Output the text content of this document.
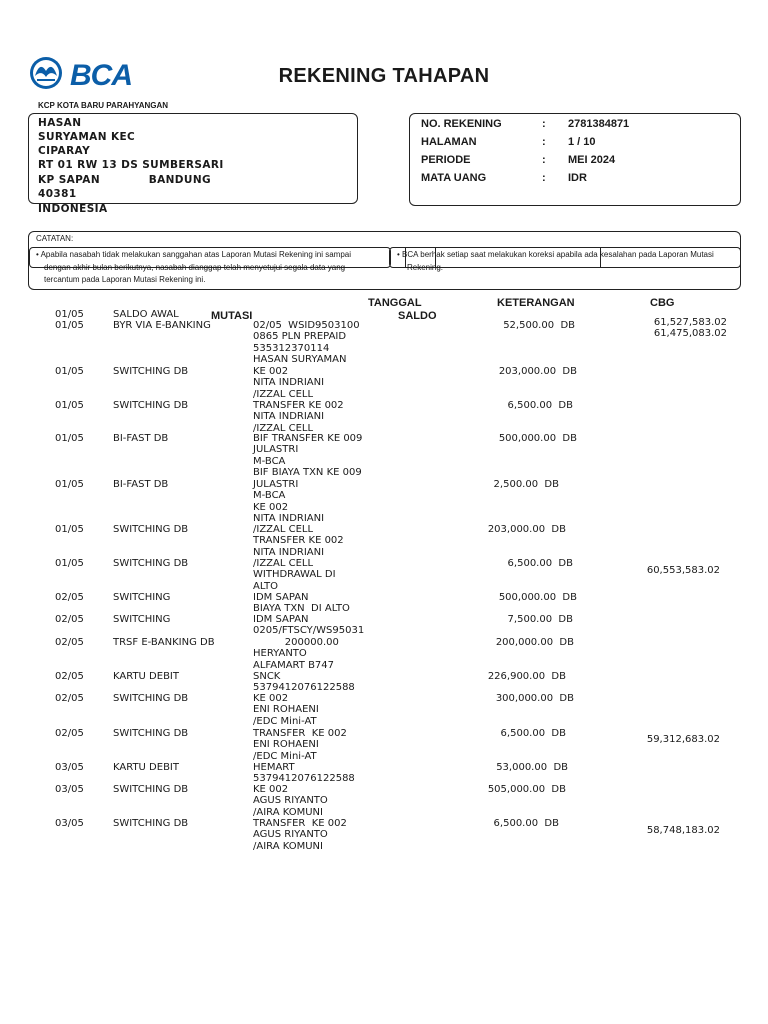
BCA	REKENING TAHAPAN
KCP KOTA BARU PARAHYANGAN
HASAN
SURYAMAN KEC
CIPARAY
RT 01 RW 13 DS SUMBERSARI
KP SAPAN            BANDUNG
40381
INDONESIA
NO. REKENING	: 2781384871
HALAMAN	: 1 / 10
PERIODE	: MEI 2024
MATA UANG	: IDR
CATATAN:
• Apabila nasabah tidak melakukan sanggahan atas Laporan Mutasi Rekening ini sampai
dengan akhir bulan berikutnya, nasabah dianggap telah menyetujui segala data yang
tercantum pada Laporan Mutasi Rekening ini.
• BCA berhak setiap saat melakukan koreksi apabila ada kesalahan pada Laporan Mutasi
Rekening.
TANGGAL	KETERANGAN	CBG
MUTASI	SALDO
01/05	SALDO AWAL
61,527,583.02
01/05	BYR VIA E-BANKING	02/05  WSID9503100
0865 PLN PREPAID
535312370114
HASAN SURYAMAN
52,500.00  DB
61,475,083.02
01/05	SWITCHING DB	KE 002
NITA INDRIANI
/IZZAL CELL
203,000.00  DB
01/05	SWITCHING DB	TRANSFER KE 002
NITA INDRIANI
/IZZAL CELL
6,500.00  DB
01/05	BI-FAST DB	BIF TRANSFER KE 009
JULASTRI
M-BCA
BIF BIAYA TXN KE 009
500,000.00  DB
01/05	BI-FAST DB	JULASTRI
M-BCA
KE 002
NITA INDRIANI
2,500.00  DB
01/05	SWITCHING DB	/IZZAL CELL
TRANSFER KE 002
NITA INDRIANI
203,000.00  DB
01/05	SWITCHING DB	/IZZAL CELL
WITHDRAWAL DI
ALTO
6,500.00  DB
60,553,583.02
02/05	SWITCHING	IDM SAPAN
BIAYA TXN  DI ALTO
500,000.00  DB
02/05	SWITCHING	IDM SAPAN
0205/FTSCY/WS95031
7,500.00  DB
02/05	TRSF E-BANKING DB	200000.00
HERYANTO
ALFAMART B747
200,000.00  DB
02/05	KARTU DEBIT	SNCK
5379412076122588
226,900.00  DB
02/05	SWITCHING DB	KE 002
ENI ROHAENI
/EDC Mini-AT
300,000.00  DB
02/05	SWITCHING DB	TRANSFER  KE 002
ENI ROHAENI
/EDC Mini-AT
6,500.00  DB
59,312,683.02
03/05	KARTU DEBIT	HEMART
5379412076122588
53,000.00  DB
03/05	SWITCHING DB	KE 002
AGUS RIYANTO
/AIRA KOMUNI
505,000.00  DB
03/05	SWITCHING DB	TRANSFER  KE 002
AGUS RIYANTO
/AIRA KOMUNI
6,500.00  DB
58,748,183.02
